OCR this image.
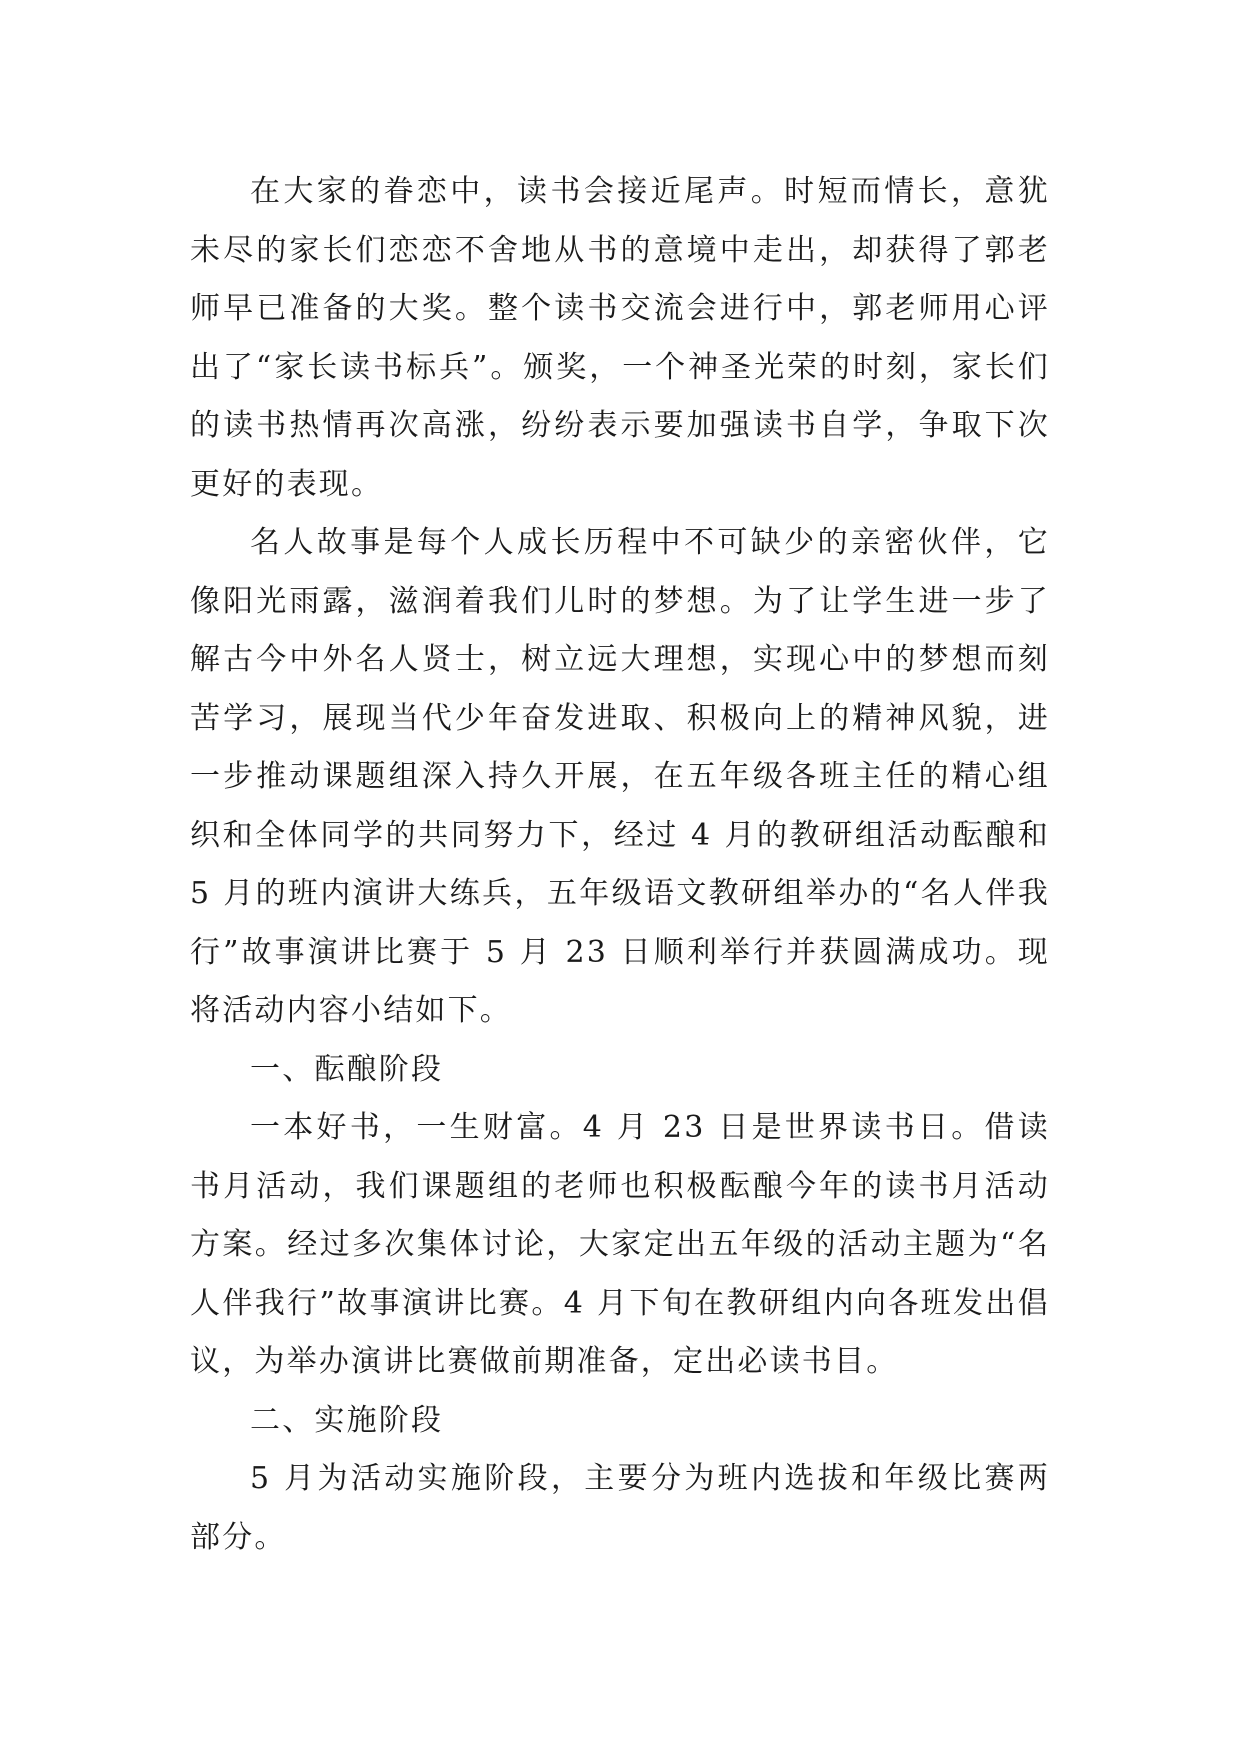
在大家的眷恋中，读书会接近尾声。时短而情长，意犹未尽的家长们恋恋不舍地从书的意境中走出，却获得了郭老师早已准备的大奖。整个读书交流会进行中，郭老师用心评出了“家长读书标兵”。颁奖，一个神圣光荣的时刻，家长们的读书热情再次高涨，纷纷表示要加强读书自学，争取下次更好的表现。

名人故事是每个人成长历程中不可缺少的亲密伙伴，它像阳光雨露，滋润着我们儿时的梦想。为了让学生进一步了解古今中外名人贤士，树立远大理想，实现心中的梦想而刻苦学习，展现当代少年奋发进取、积极向上的精神风貌，进一步推动课题组深入持久开展，在五年级各班主任的精心组织和全体同学的共同努力下，经过 4 月的教研组活动酝酿和 5 月的班内演讲大练兵，五年级语文教研组举办的“名人伴我行”故事演讲比赛于 5 月 23 日顺利举行并获圆满成功。现将活动内容小结如下。

一、酝酿阶段

一本好书，一生财富。4 月 23 日是世界读书日。借读书月活动，我们课题组的老师也积极酝酿今年的读书月活动方案。经过多次集体讨论，大家定出五年级的活动主题为“名人伴我行”故事演讲比赛。4 月下旬在教研组内向各班发出倡议，为举办演讲比赛做前期准备，定出必读书目。

二、实施阶段

5 月为活动实施阶段，主要分为班内选拔和年级比赛两部分。
